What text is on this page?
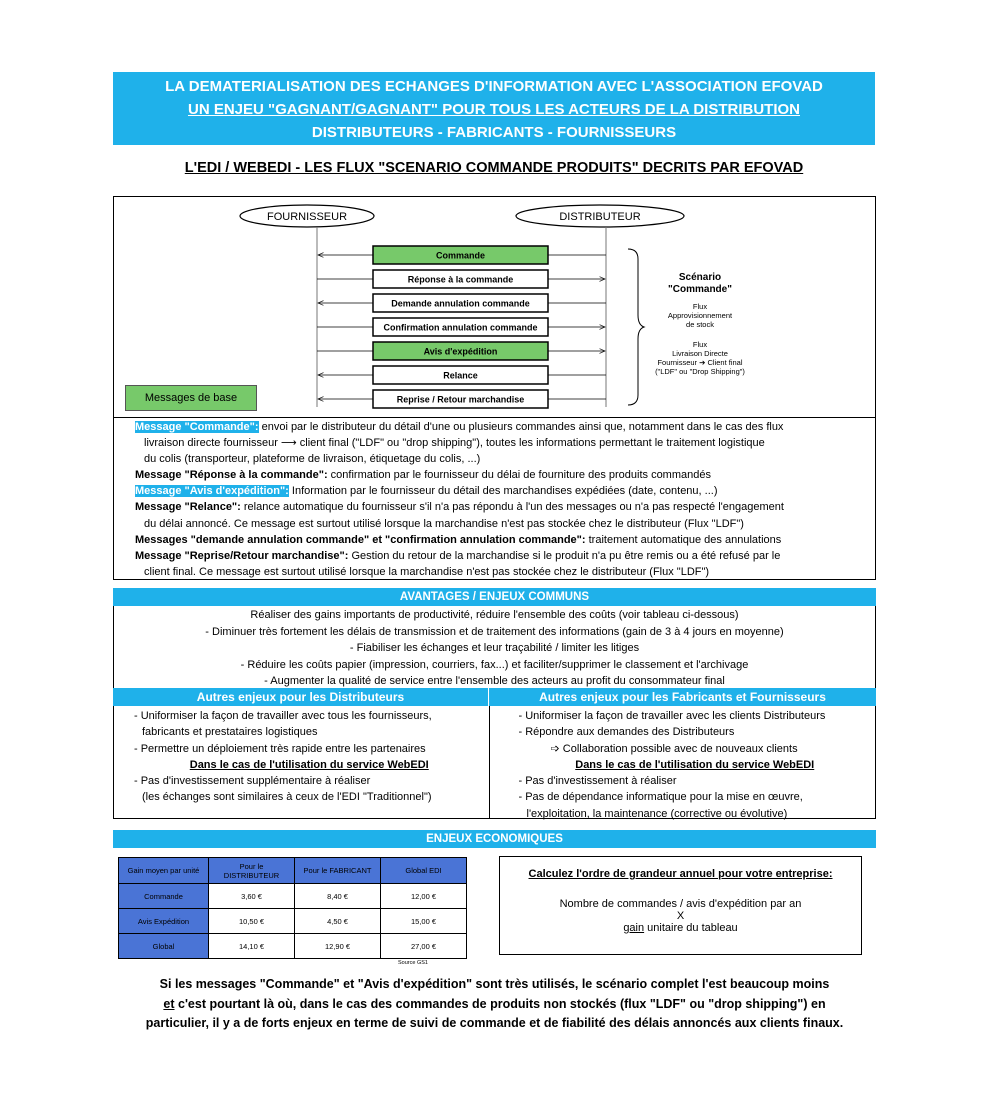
LA DEMATERIALISATION DES ECHANGES D'INFORMATION AVEC L'ASSOCIATION EFOVAD
UN ENJEU "GAGNANT/GAGNANT" POUR TOUS LES ACTEURS DE LA DISTRIBUTION
DISTRIBUTEURS - FABRICANTS - FOURNISSEURS
L'EDI / WEBEDI - LES FLUX "SCENARIO COMMANDE PRODUITS" DECRITS PAR EFOVAD
FOURNISSEUR	DISTRIBUTEUR
Commande
Réponse à la commande
Demande annulation commande
Confirmation annulation commande
Avis d'expédition
Relance
Reprise / Retour marchandise
Scénario
"Commande"
Flux
Approvisionnement
de stock
Flux
Livraison Directe
Fournisseur ➔ Client final
("LDF" ou "Drop Shipping")
Messages de base

Message "Commande": envoi par le distributeur du détail d'une ou plusieurs commandes ainsi que, notamment dans le cas des flux

livraison directe fournisseur ⟶ client final ("LDF" ou "drop shipping"), toutes les informations permettant le traitement logistique

du colis (transporteur, plateforme de livraison, étiquetage du colis, ...)

Message "Réponse à la commande": confirmation par le fournisseur du délai de fourniture des produits commandés

Message "Avis d'expédition": Information par le fournisseur du détail des marchandises expédiées (date, contenu, ...)

Message "Relance": relance automatique du fournisseur s'il n'a pas répondu à l'un des messages ou n'a pas respecté l'engagement

du délai annoncé. Ce message est surtout utilisé lorsque la marchandise n'est pas stockée chez le distributeur (Flux "LDF")

Messages "demande annulation commande" et "confirmation annulation commande": traitement automatique des annulations

Message "Reprise/Retour marchandise": Gestion du retour de la marchandise si le produit n'a pu être remis ou a été refusé par le

client final. Ce message est surtout utilisé lorsque la marchandise n'est pas stockée chez le distributeur (Flux "LDF")

AVANTAGES / ENJEUX COMMUNS
Réaliser des gains importants de productivité, réduire l'ensemble des coûts (voir tableau ci-dessous)
- Diminuer très fortement les délais de transmission et de traitement des informations (gain de 3 à 4 jours en moyenne)
- Fiabiliser les échanges et leur traçabilité / limiter les litiges
- Réduire les coûts papier (impression, courriers, fax...) et faciliter/supprimer le classement et l'archivage
- Augmenter la qualité de service entre l'ensemble des acteurs au profit du consommateur final
Autres enjeux pour les Distributeurs	Autres enjeux pour les Fabricants et Fournisseurs
- Uniformiser la façon de travailler avec tous les fournisseurs,
fabricants et prestataires logistiques
- Permettre un déploiement très rapide entre les partenaires
Dans le cas de l'utilisation du service WebEDI
- Pas d'investissement supplémentaire à réaliser
(les échanges sont similaires à ceux de l'EDI "Traditionnel")
- Uniformiser la façon de travailler avec les clients Distributeurs
- Répondre aux demandes des Distributeurs
➩ Collaboration possible avec de nouveaux clients
Dans le cas de l'utilisation du service WebEDI
- Pas d'investissement à réaliser
- Pas de dépendance informatique pour la mise en œuvre,
l'exploitation, la maintenance (corrective ou évolutive)
ENJEUX ECONOMIQUES
Gain moyen par unité	Pour le DISTRIBUTEUR	Pour le FABRICANT	Global EDI
Commande	3,60 €	8,40 €	12,00 €
Avis Expédition	10,50 €	4,50 €	15,00 €
Global	14,10 €	12,90 €	27,00 €
Source GS1
Calculez l'ordre de grandeur annuel pour votre entreprise:
Nombre de commandes / avis d'expédition par an
X
gain unitaire du tableau
Si les messages "Commande" et "Avis d'expédition" sont très utilisés, le scénario complet l'est beaucoup moins
et c'est pourtant là où, dans le cas des commandes de produits non stockés (flux "LDF" ou "drop shipping") en
particulier, il y a de forts enjeux en terme de suivi de commande et de fiabilité des délais annoncés aux clients finaux.
